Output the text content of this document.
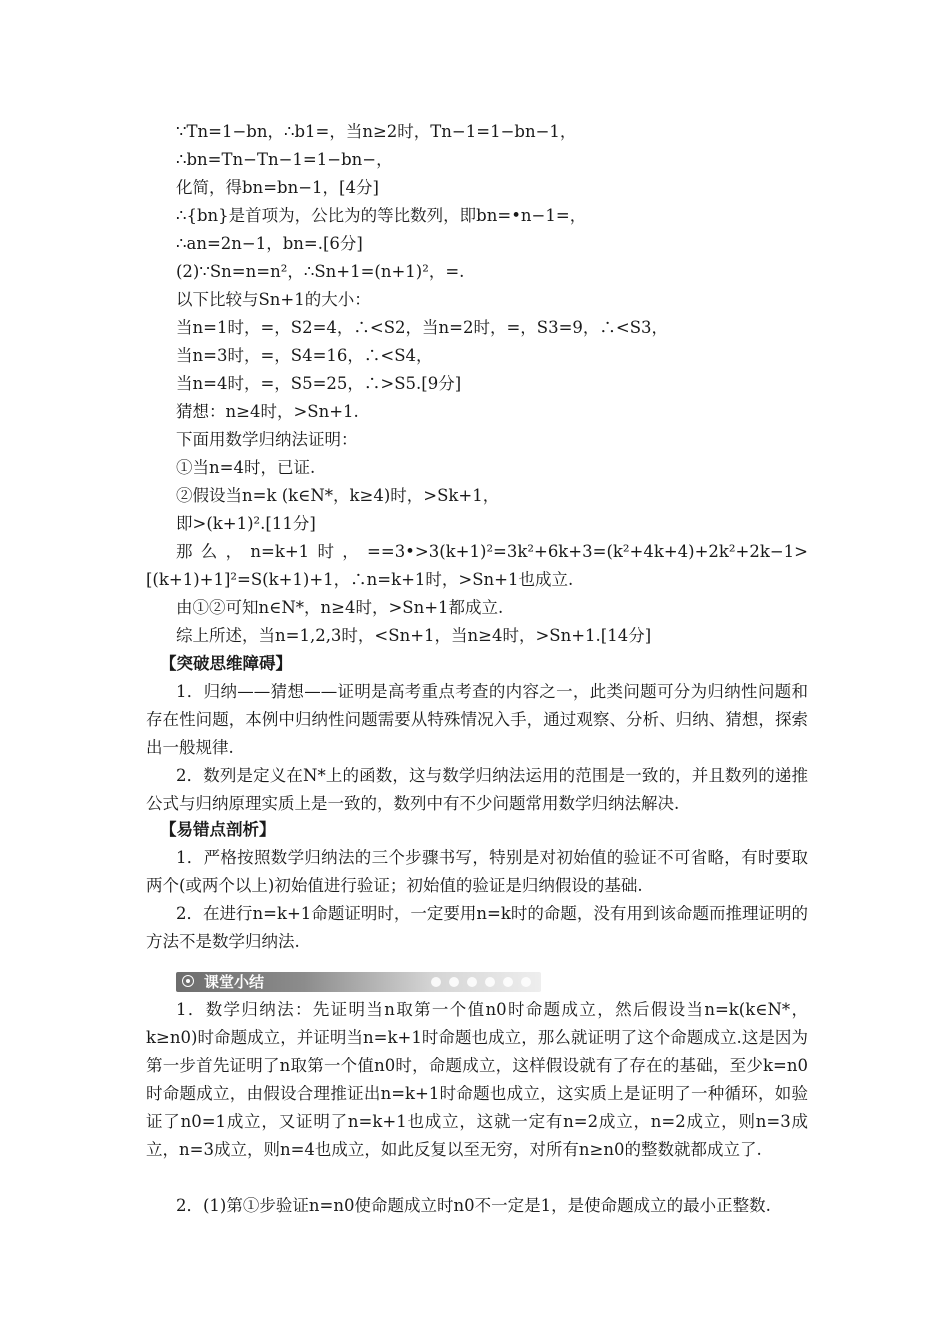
∵Tn=1−bn，∴b1=，当n≥2时，Tn−1=1−bn−1，
∴bn=Tn−Tn−1=1−bn−，
化简，得bn=bn−1，[4分]
∴{bn}是首项为，公比为的等比数列，即bn=•n−1=，
∴an=2n−1，bn=.[6分]
(2)∵Sn=n=n²，∴Sn+1=(n+1)²，=.
以下比较与Sn+1的大小：
当n=1时，=，S2=4，∴<S2，当n=2时，=，S3=9，∴<S3，
当n=3时，=，S4=16，∴<S4，
当n=4时，=，S5=25，∴>S5.[9分]
猜想：n≥4时，>Sn+1.
下面用数学归纳法证明：
①当n=4时，已证.
②假设当n=k (k∈N*，k≥4)时，>Sk+1，
即>(k+1)².[11分]
那么，n=k+1时，==3•>3(k+1)²=3k²+6k+3=(k²+4k+4)+2k²+2k−1>[(k+1)+1]²=S(k+1)+1，∴n=k+1时，>Sn+1也成立.
由①②可知n∈N*，n≥4时，>Sn+1都成立.
综上所述，当n=1,2,3时，<Sn+1，当n≥4时，>Sn+1.[14分]
【突破思维障碍】
1．归纳——猜想——证明是高考重点考查的内容之一，此类问题可分为归纳性问题和存在性问题，本例中归纳性问题需要从特殊情况入手，通过观察、分析、归纳、猜想，探索出一般规律.
2．数列是定义在N*上的函数，这与数学归纳法运用的范围是一致的，并且数列的递推公式与归纳原理实质上是一致的，数列中有不少问题常用数学归纳法解决.
【易错点剖析】
1．严格按照数学归纳法的三个步骤书写，特别是对初始值的验证不可省略，有时要取两个(或两个以上)初始值进行验证；初始值的验证是归纳假设的基础.
2．在进行n=k+1命题证明时，一定要用n=k时的命题，没有用到该命题而推理证明的方法不是数学归纳法.
课堂小结
1．数学归纳法：先证明当n取第一个值n0时命题成立，然后假设当n=k(k∈N*，k≥n0)时命题成立，并证明当n=k+1时命题也成立，那么就证明了这个命题成立.这是因为第一步首先证明了n取第一个值n0时，命题成立，这样假设就有了存在的基础，至少k=n0时命题成立，由假设合理推证出n=k+1时命题也成立，这实质上是证明了一种循环，如验证了n0=1成立，又证明了n=k+1也成立，这就一定有n=2成立，n=2成立，则n=3成立，n=3成立，则n=4也成立，如此反复以至无穷，对所有n≥n0的整数就都成立了.
2．(1)第①步验证n=n0使命题成立时n0不一定是1，是使命题成立的最小正整数.
